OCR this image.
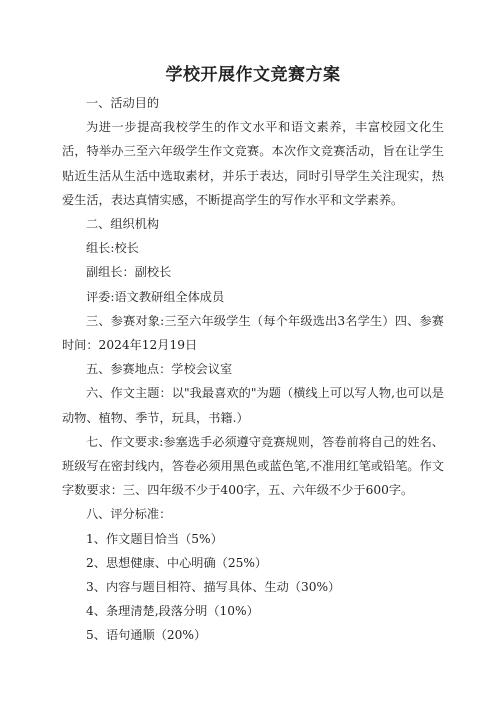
学校开展作文竞赛方案

一、活动目的

为进一步提高我校学生的作文水平和语文素养，丰富校园文化生活，特举办三至六年级学生作文竞赛。本次作文竞赛活动，旨在让学生贴近生活从生活中选取素材，并乐于表达，同时引导学生关注现实，热爱生活，表达真情实感，不断提高学生的写作水平和文学素养。

二、组织机构

组长:校长

副组长：副校长

评委:语文教研组全体成员

三、参赛对象:三至六年级学生（每个年级选出3名学生）四、参赛时间：2024年12月19日

五、参赛地点：学校会议室

六、作文主题：以"我最喜欢的"为题（横线上可以写人物,也可以是动物、植物、季节，玩具，书籍.）

七、作文要求:参塞选手必须遵守竞赛规则，答卷前将自己的姓名、班级写在密封线内，答卷必须用黑色或蓝色笔,不准用红笔或铅笔。作文字数要求：三、四年级不少于400字，五、六年级不少于600字。

八、评分标准：

1、作文题目恰当（5%）

2、思想健康、中心明确（25%）

3、内容与题目相符、描写具体、生动（30%）

4、条理清楚,段落分明（10%）

5、语句通顺（20%）
